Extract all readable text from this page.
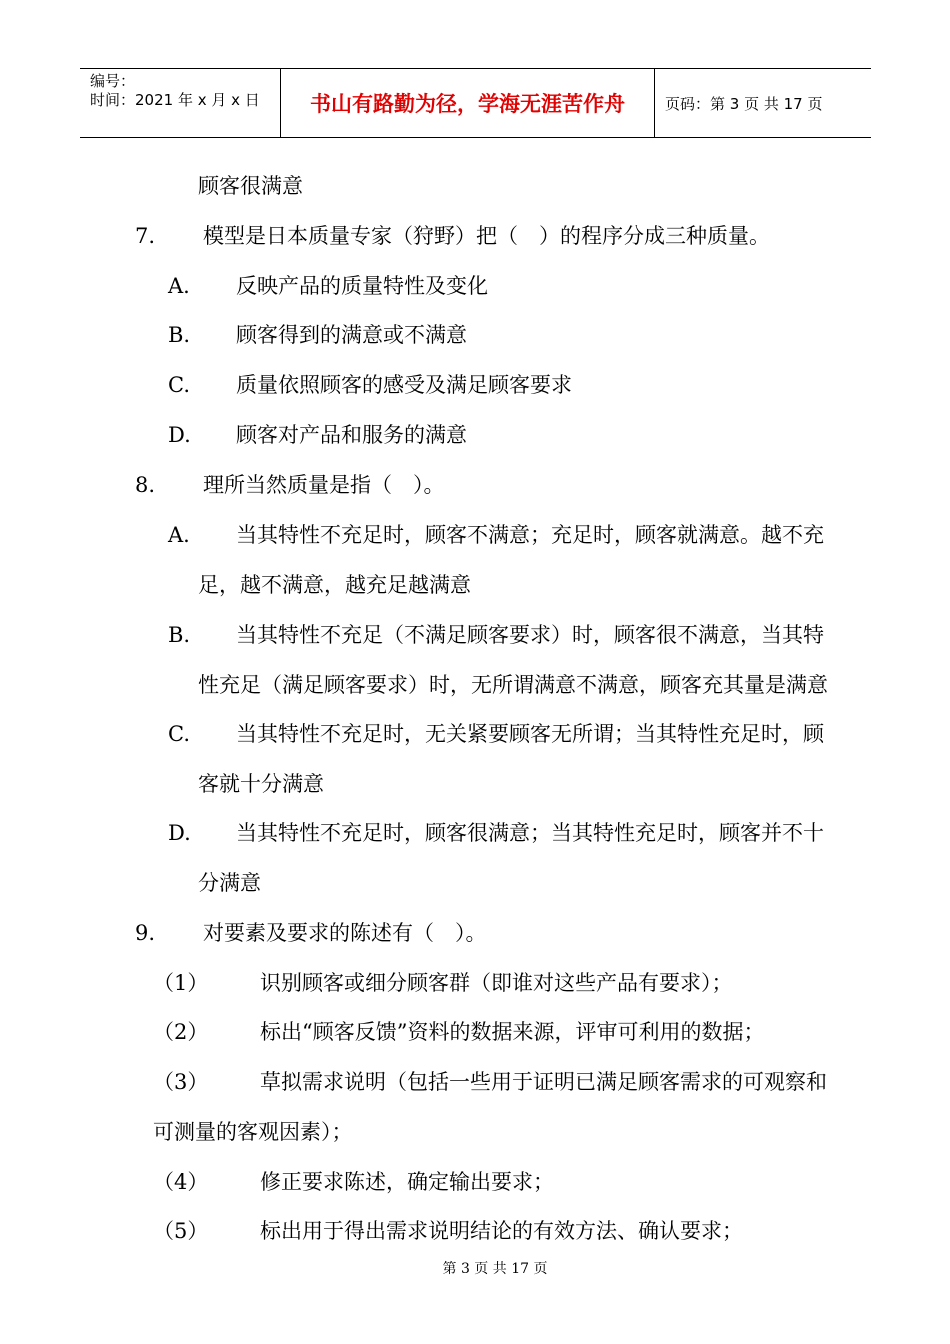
编号：
时间：2021 年 x 月 x 日	书山有路勤为径，学海无涯苦作舟	页码：第 3 页 共 17 页
顾客很满意
7. 模型是日本质量专家（狩野）把（　）的程序分成三种质量。
A. 反映产品的质量特性及变化
B. 顾客得到的满意或不满意
C. 质量依照顾客的感受及满足顾客要求
D. 顾客对产品和服务的满意
8. 理所当然质量是指（　）。
A. 当其特性不充足时，顾客不满意；充足时，顾客就满意。越不充
足，越不满意，越充足越满意
B. 当其特性不充足（不满足顾客要求）时，顾客很不满意，当其特
性充足（满足顾客要求）时，无所谓满意不满意，顾客充其量是满意
C. 当其特性不充足时，无关紧要顾客无所谓；当其特性充足时，顾
客就十分满意
D. 当其特性不充足时，顾客很满意；当其特性充足时，顾客并不十
分满意
9. 对要素及要求的陈述有（　）。
（1） 识别顾客或细分顾客群（即谁对这些产品有要求）；
（2） 标出“顾客反馈”资料的数据来源，评审可利用的数据；
（3） 草拟需求说明（包括一些用于证明已满足顾客需求的可观察和
可测量的客观因素）；
（4） 修正要求陈述，确定输出要求；
（5） 标出用于得出需求说明结论的有效方法、确认要求；
第 3 页 共 17 页
